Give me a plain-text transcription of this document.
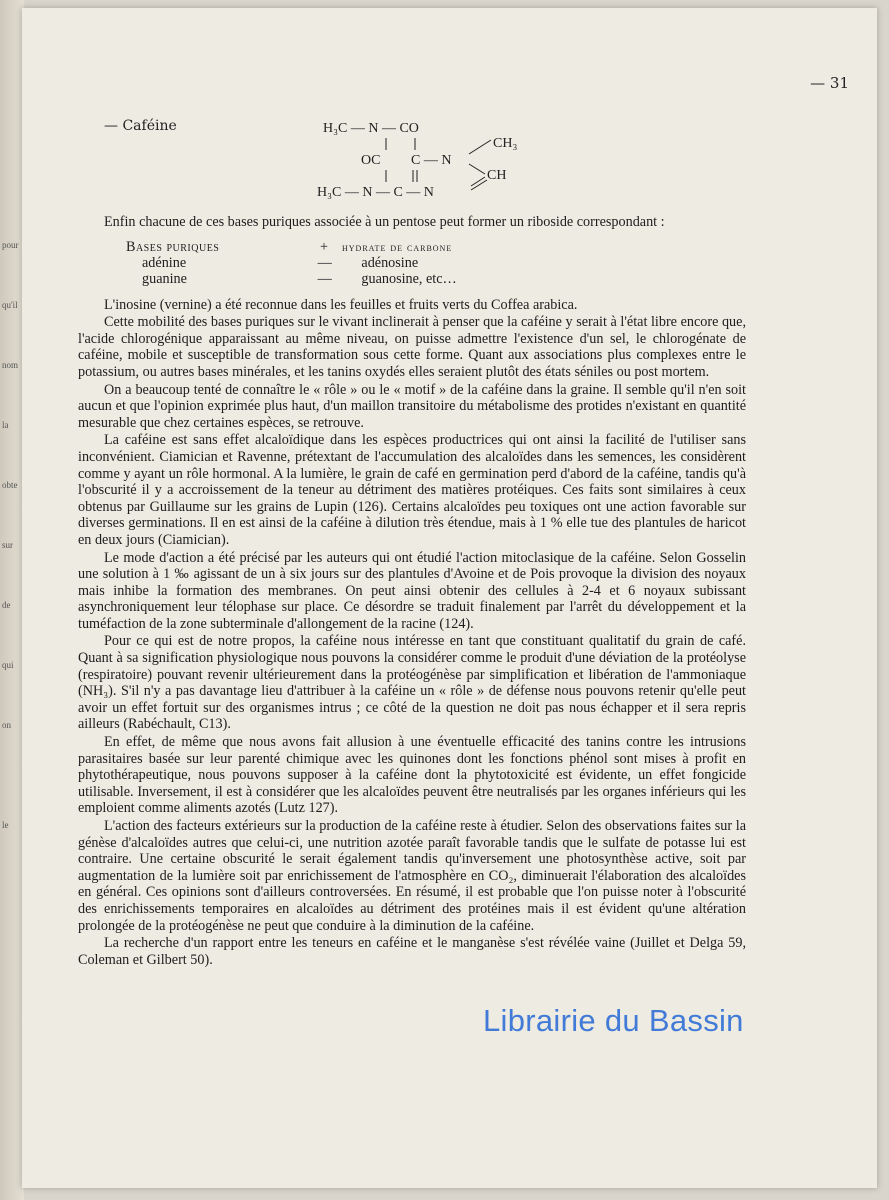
pour
qu'il
nom
la
obte
sur
de
qui
on
le
— 31
— Caféine	H₃C — N — CO
CH₃
OC C — N
CH
H₃C — N — C — N

Enfin chacune de ces bases puriques associée à un pentose peut former un riboside correspondant :

Bases puriques	+	hydrate de carbone
adénine	—	adénosine
guanine	—	guanosine, etc…

L'inosine (vernine) a été reconnue dans les feuilles et fruits verts du Coffea arabica.

Cette mobilité des bases puriques sur le vivant inclinerait à penser que la caféine y serait à l'état libre encore que, l'acide chlorogénique apparaissant au même niveau, on puisse admettre l'existence d'un sel, le chlorogénate de caféine, mobile et susceptible de transformation sous cette forme. Quant aux associations plus complexes entre le potassium, ou autres bases minérales, et les tanins oxydés elles seraient plutôt des états séniles ou post mortem.

On a beaucoup tenté de connaître le « rôle » ou le « motif » de la caféine dans la graine. Il semble qu'il n'en soit aucun et que l'opinion exprimée plus haut, d'un maillon transitoire du métabolisme des protides n'existant en quantité mesurable que chez certaines espèces, se retrouve.

La caféine est sans effet alcaloïdique dans les espèces productrices qui ont ainsi la facilité de l'utiliser sans inconvénient. Ciamician et Ravenne, prétextant de l'accumulation des alcaloïdes dans les semences, les considèrent comme y ayant un rôle hormonal. A la lumière, le grain de café en germination perd d'abord de la caféine, tandis qu'à l'obscurité il y a accroissement de la teneur au détriment des matières protéiques. Ces faits sont similaires à ceux obtenus par Guillaume sur les grains de Lupin (126). Certains alcaloïdes peu toxiques ont une action favorable sur diverses germinations. Il en est ainsi de la caféine à dilution très étendue, mais à 1 % elle tue des plantules de haricot en deux jours (Ciamician).

Le mode d'action a été précisé par les auteurs qui ont étudié l'action mitoclasique de la caféine. Selon Gosselin une solution à 1 ‰ agissant de un à six jours sur des plantules d'Avoine et de Pois provoque la division des noyaux mais inhibe la formation des membranes. On peut ainsi obtenir des cellules à 2-4 et 6 noyaux subissant asynchroniquement leur télophase sur place. Ce désordre se traduit finalement par l'arrêt du développement et la tuméfaction de la zone subterminale d'allongement de la racine (124).

Pour ce qui est de notre propos, la caféine nous intéresse en tant que constituant qualitatif du grain de café. Quant à sa signification physiologique nous pouvons la considérer comme le produit d'une déviation de la protéolyse (respiratoire) pouvant revenir ultérieurement dans la protéogénèse par simplification et libération de l'ammoniaque (NH₃). S'il n'y a pas davantage lieu d'attribuer à la caféine un « rôle » de défense nous pouvons retenir qu'elle peut avoir un effet fortuit sur des organismes intrus ; ce côté de la question ne doit pas nous échapper et il sera repris ailleurs (Rabéchault, C13).

En effet, de même que nous avons fait allusion à une éventuelle efficacité des tanins contre les intrusions parasitaires basée sur leur parenté chimique avec les quinones dont les fonctions phénol sont mises à profit en phytothérapeutique, nous pouvons supposer à la caféine dont la phytotoxicité est évidente, un effet fongicide utilisable. Inversement, il est à considérer que les alcaloïdes peuvent être neutralisés par les organes inférieurs qui les emploient comme aliments azotés (Lutz 127).

L'action des facteurs extérieurs sur la production de la caféine reste à étudier. Selon des observations faites sur la génèse d'alcaloïdes autres que celui-ci, une nutrition azotée paraît favorable tandis que le sulfate de potasse lui est contraire. Une certaine obscurité le serait également tandis qu'inversement une photosynthèse active, soit par augmentation de la lumière soit par enrichissement de l'atmosphère en CO₂, diminuerait l'élaboration des alcaloïdes en général. Ces opinions sont d'ailleurs controversées. En résumé, il est probable que l'on puisse noter à l'obscurité des enrichissements temporaires en alcaloïdes au détriment des protéines mais il est évident qu'une altération prolongée de la protéogénèse ne peut que conduire à la diminution de la caféine.

La recherche d'un rapport entre les teneurs en caféine et le manganèse s'est révélée vaine (Juillet et Delga 59, Coleman et Gilbert 50).

Librairie du Bassin
